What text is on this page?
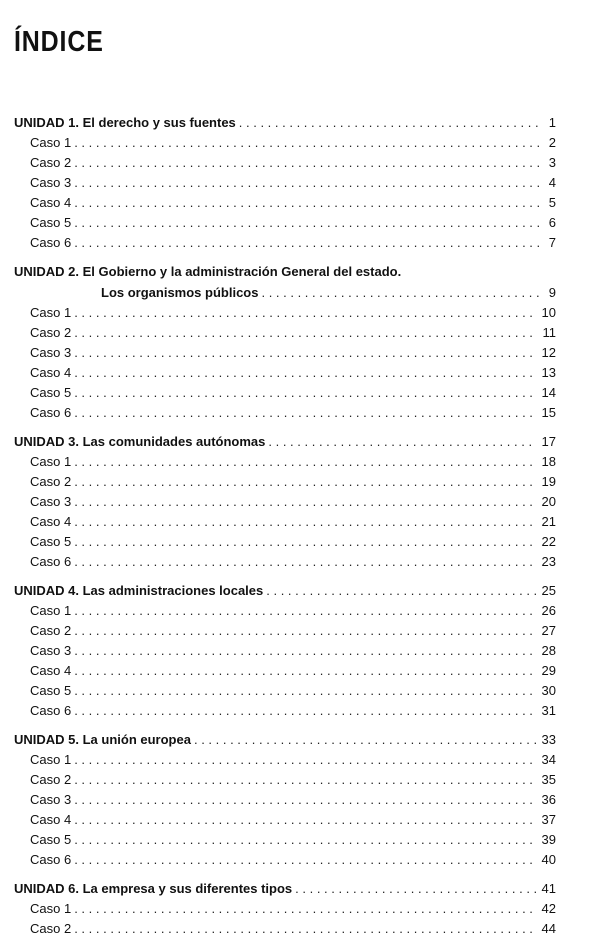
ÍNDICE
UNIDAD 1. El derecho y sus fuentes . . .	1
Caso 1 . . .	2
Caso 2 . . .	3
Caso 3 . . .	4
Caso 4 . . .	5
Caso 5 . . .	6
Caso 6 . . .	7
UNIDAD 2. El Gobierno y la administración General del estado.
Los organismos públicos . . .	9
Caso 1 . . .	10
Caso 2 . . .	11
Caso 3 . . .	12
Caso 4 . . .	13
Caso 5 . . .	14
Caso 6 . . .	15
UNIDAD 3. Las comunidades autónomas . . .	17
Caso 1 . . .	18
Caso 2 . . .	19
Caso 3 . . .	20
Caso 4 . . .	21
Caso 5 . . .	22
Caso 6 . . .	23
UNIDAD 4. Las administraciones locales . . .	25
Caso 1 . . .	26
Caso 2 . . .	27
Caso 3 . . .	28
Caso 4 . . .	29
Caso 5 . . .	30
Caso 6 . . .	31
UNIDAD 5. La unión europea . . .	33
Caso 1 . . .	34
Caso 2 . . .	35
Caso 3 . . .	36
Caso 4 . . .	37
Caso 5 . . .	39
Caso 6 . . .	40
UNIDAD 6. La empresa y sus diferentes tipos . . .	41
Caso 1 . . .	42
Caso 2 . . .	44
